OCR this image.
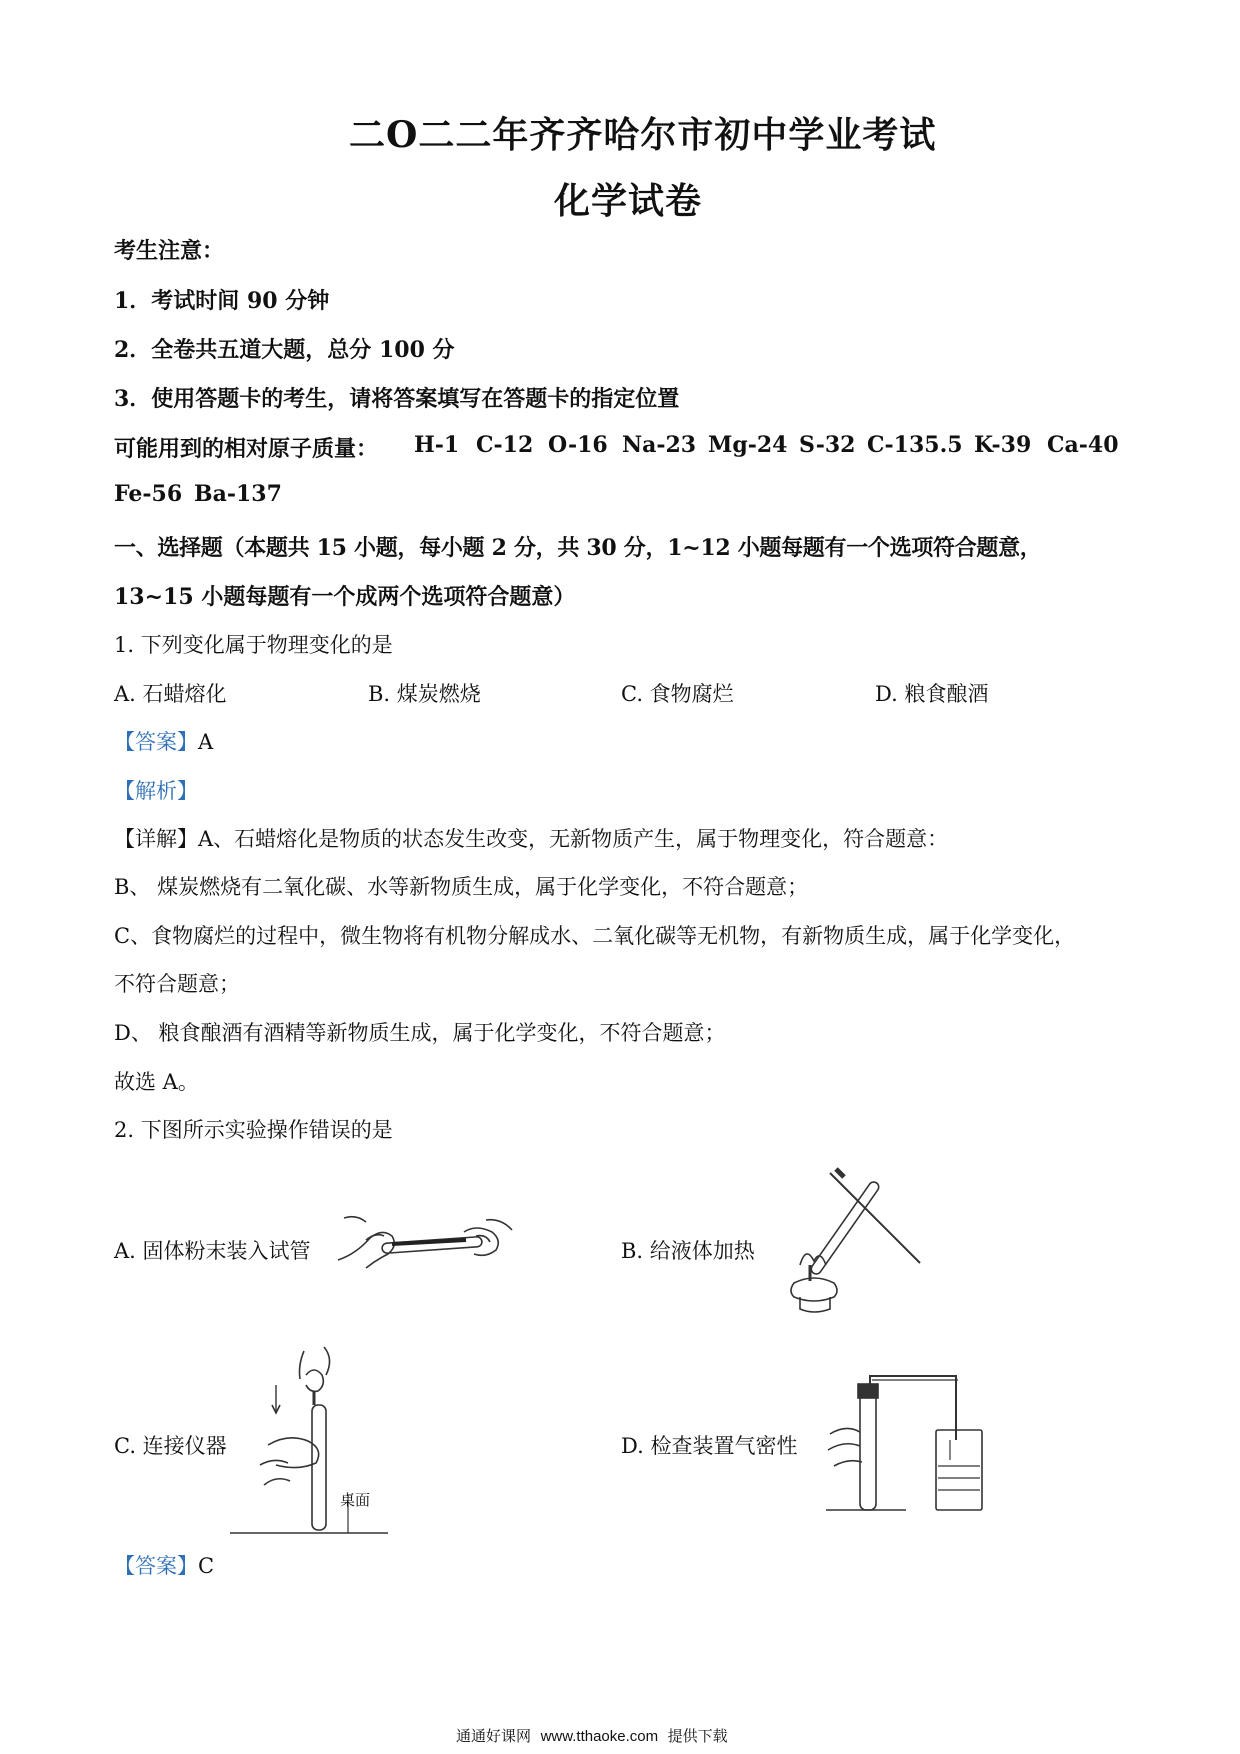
二O二二年齐齐哈尔市初中学业考试
化学试卷
考生注意：
1．考试时间 90 分钟
2．全卷共五道大题，总分 100 分
3．使用答题卡的考生，请将答案填写在答题卡的指定位置
可能用到的相对原子质量： H-1 C-12 O-16 Na-23 Mg-24 S-32 C-135.5 K-39 Ca-40
Fe-56 Ba-137
一、选择题（本题共 15 小题，每小题 2 分，共 30 分，1~12 小题每题有一个选项符合题意，
13~15 小题每题有一个成两个选项符合题意）
1. 下列变化属于物理变化的是
A. 石蜡熔化	B. 煤炭燃烧	C. 食物腐烂	D. 粮食酿酒
【答案】A
【解析】
【详解】A、石蜡熔化是物质的状态发生改变，无新物质产生，属于物理变化，符合题意：
B、 煤炭燃烧有二氧化碳、水等新物质生成，属于化学变化，不符合题意；
C、食物腐烂的过程中，微生物将有机物分解成水、二氧化碳等无机物，有新物质生成，属于化学变化，
不符合题意；
D、 粮食酿酒有酒精等新物质生成，属于化学变化，不符合题意；
故选 A。
2. 下图所示实验操作错误的是
A. 固体粉末装入试管	B. 给液体加热
C. 连接仪器
桌面
D. 检查装置气密性
【答案】C
通通好课网 www.tthaoke.com 提供下载
